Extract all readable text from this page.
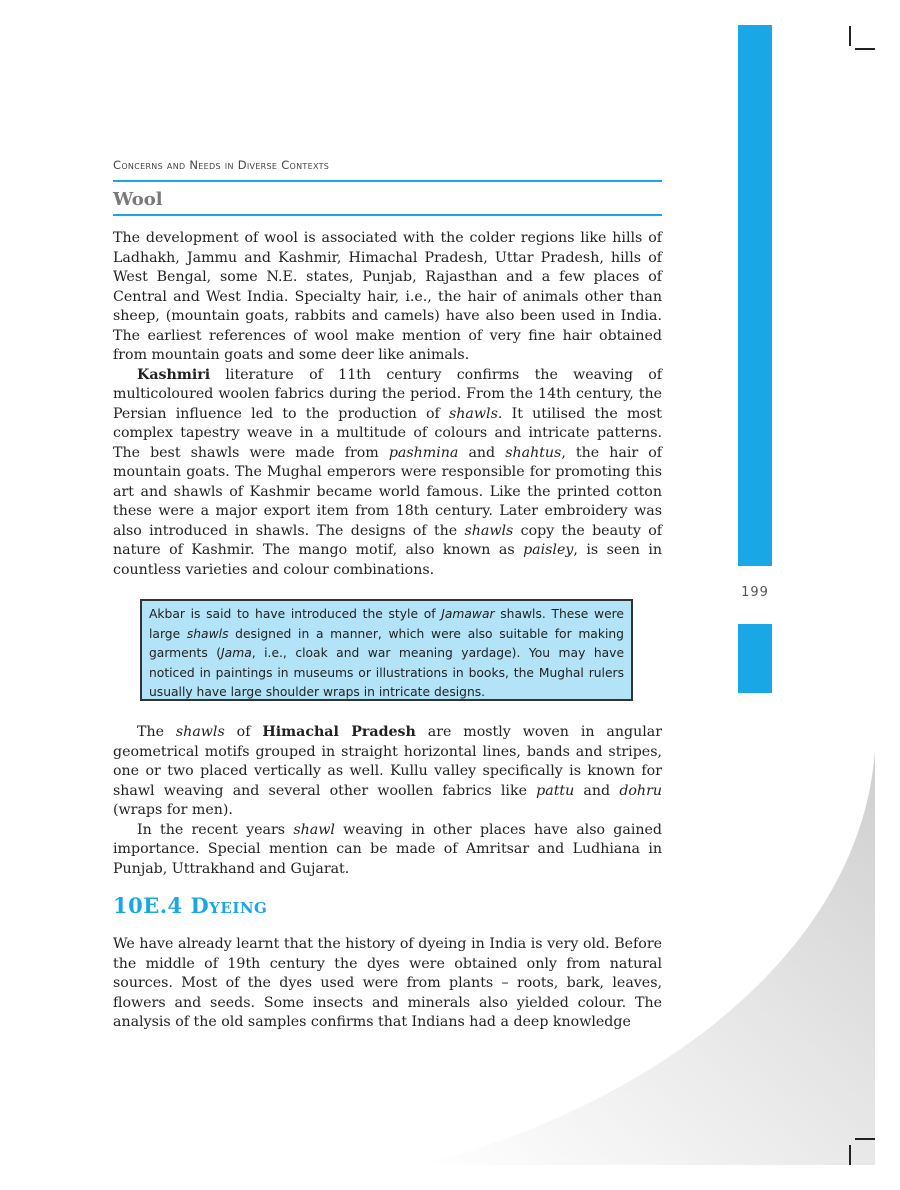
199
Concerns and Needs in Diverse Contexts
Wool

The development of wool is associated with the colder regions like hills of Ladhakh, Jammu and Kashmir, Himachal Pradesh, Uttar Pradesh, hills of West Bengal, some N.E. states, Punjab, Rajasthan and a few places of Central and West India. Specialty hair, i.e., the hair of animals other than sheep, (mountain goats, rabbits and camels) have also been used in India. The earliest references of wool make mention of very fine hair obtained from mountain goats and some deer like animals.

Kashmiri literature of 11th century confirms the weaving of multicoloured woolen fabrics during the period. From the 14th century, the Persian influence led to the production of shawls. It utilised the most complex tapestry weave in a multitude of colours and intricate patterns. The best shawls were made from pashmina and shahtus, the hair of mountain goats. The Mughal emperors were responsible for promoting this art and shawls of Kashmir became world famous. Like the printed cotton these were a major export item from 18th century. Later embroidery was also introduced in shawls. The designs of the shawls copy the beauty of nature of Kashmir. The mango motif, also known as paisley, is seen in countless varieties and colour combinations.

Akbar is said to have introduced the style of Jamawar shawls. These were large shawls designed in a manner, which were also suitable for making garments (Jama, i.e., cloak and war meaning yardage). You may have noticed in paintings in museums or illustrations in books, the Mughal rulers usually have large shoulder wraps in intricate designs.

The shawls of Himachal Pradesh are mostly woven in angular geometrical motifs grouped in straight horizontal lines, bands and stripes, one or two placed vertically as well. Kullu valley specifically is known for shawl weaving and several other woollen fabrics like pattu and dohru (wraps for men).

In the recent years shawl weaving in other places have also gained importance. Special mention can be made of Amritsar and Ludhiana in Punjab, Uttrakhand and Gujarat.

10E.4 Dyeing

We have already learnt that the history of dyeing in India is very old. Before the middle of 19th century the dyes were obtained only from natural sources. Most of the dyes used were from plants – roots, bark, leaves, flowers and seeds. Some insects and minerals also yielded colour. The analysis of the old samples confirms that Indians had a deep knowledge
